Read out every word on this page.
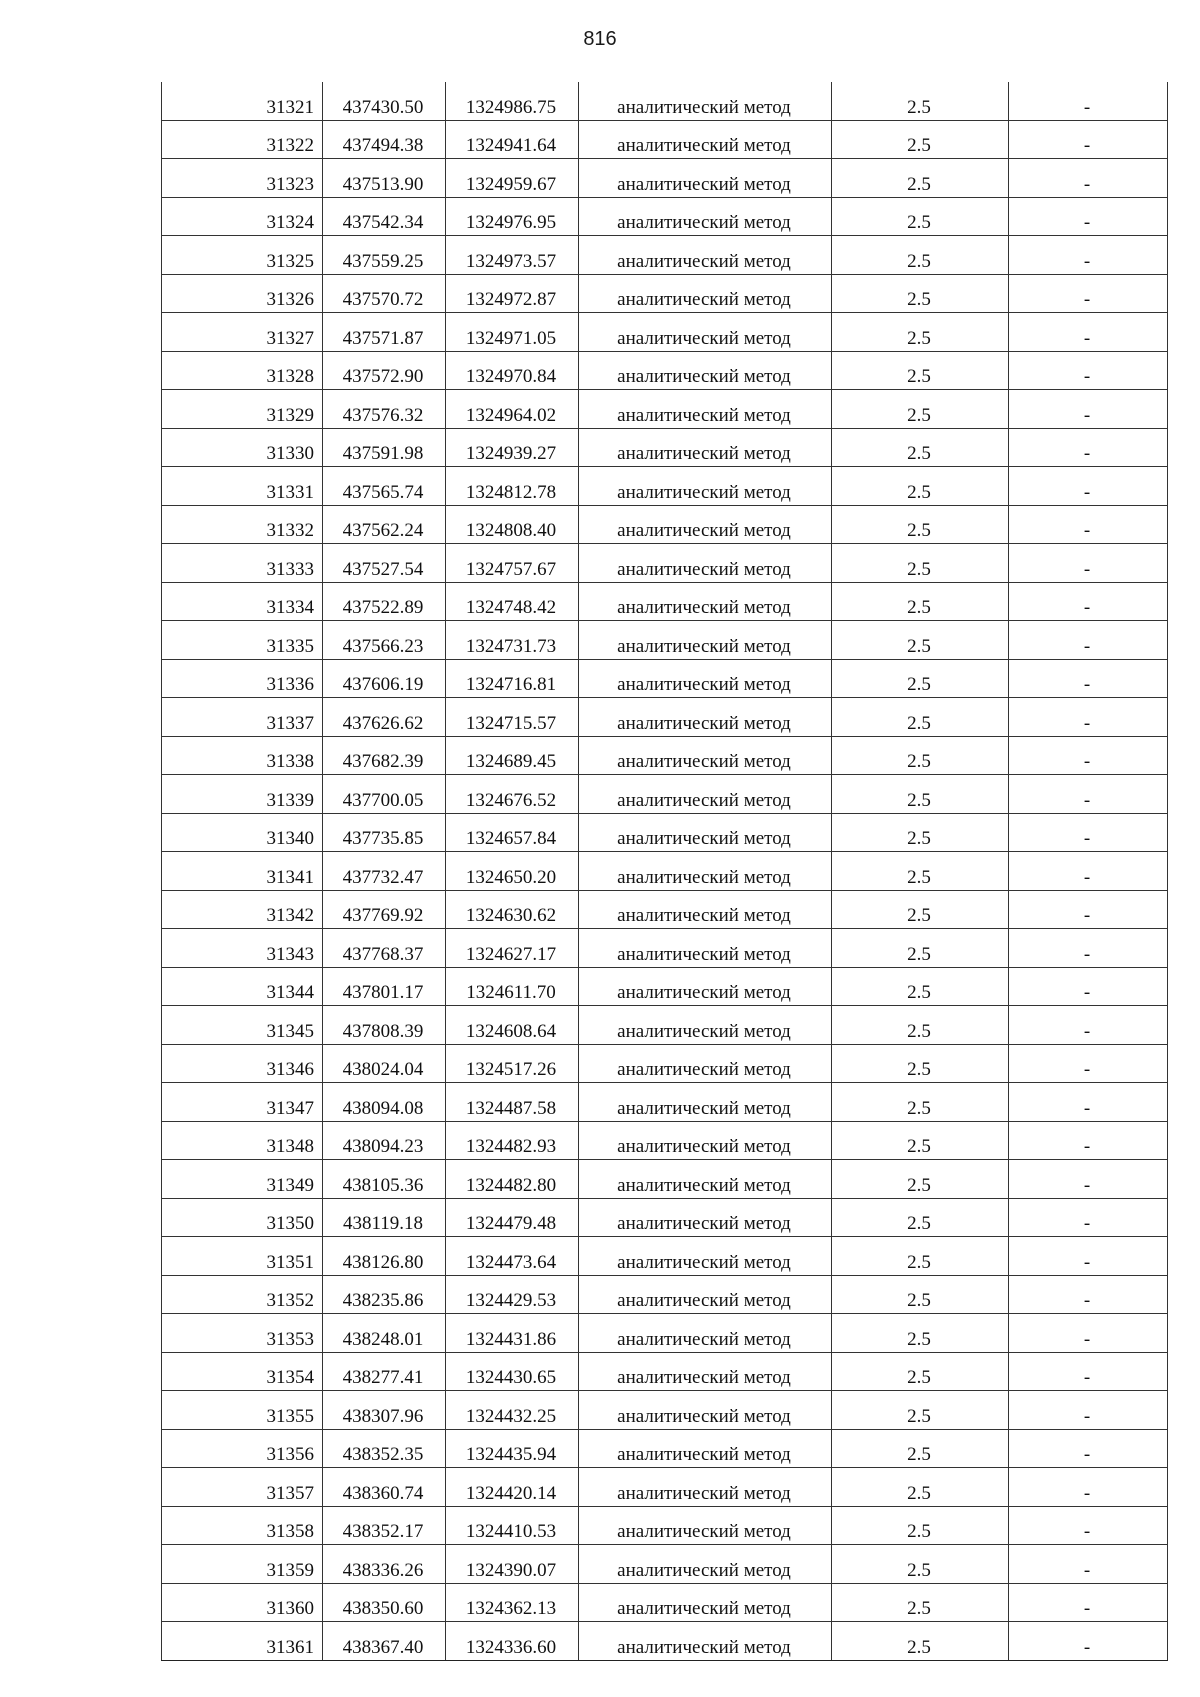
816
31321	437430.50	1324986.75	аналитический метод	2.5	-
31322	437494.38	1324941.64	аналитический метод	2.5	-
31323	437513.90	1324959.67	аналитический метод	2.5	-
31324	437542.34	1324976.95	аналитический метод	2.5	-
31325	437559.25	1324973.57	аналитический метод	2.5	-
31326	437570.72	1324972.87	аналитический метод	2.5	-
31327	437571.87	1324971.05	аналитический метод	2.5	-
31328	437572.90	1324970.84	аналитический метод	2.5	-
31329	437576.32	1324964.02	аналитический метод	2.5	-
31330	437591.98	1324939.27	аналитический метод	2.5	-
31331	437565.74	1324812.78	аналитический метод	2.5	-
31332	437562.24	1324808.40	аналитический метод	2.5	-
31333	437527.54	1324757.67	аналитический метод	2.5	-
31334	437522.89	1324748.42	аналитический метод	2.5	-
31335	437566.23	1324731.73	аналитический метод	2.5	-
31336	437606.19	1324716.81	аналитический метод	2.5	-
31337	437626.62	1324715.57	аналитический метод	2.5	-
31338	437682.39	1324689.45	аналитический метод	2.5	-
31339	437700.05	1324676.52	аналитический метод	2.5	-
31340	437735.85	1324657.84	аналитический метод	2.5	-
31341	437732.47	1324650.20	аналитический метод	2.5	-
31342	437769.92	1324630.62	аналитический метод	2.5	-
31343	437768.37	1324627.17	аналитический метод	2.5	-
31344	437801.17	1324611.70	аналитический метод	2.5	-
31345	437808.39	1324608.64	аналитический метод	2.5	-
31346	438024.04	1324517.26	аналитический метод	2.5	-
31347	438094.08	1324487.58	аналитический метод	2.5	-
31348	438094.23	1324482.93	аналитический метод	2.5	-
31349	438105.36	1324482.80	аналитический метод	2.5	-
31350	438119.18	1324479.48	аналитический метод	2.5	-
31351	438126.80	1324473.64	аналитический метод	2.5	-
31352	438235.86	1324429.53	аналитический метод	2.5	-
31353	438248.01	1324431.86	аналитический метод	2.5	-
31354	438277.41	1324430.65	аналитический метод	2.5	-
31355	438307.96	1324432.25	аналитический метод	2.5	-
31356	438352.35	1324435.94	аналитический метод	2.5	-
31357	438360.74	1324420.14	аналитический метод	2.5	-
31358	438352.17	1324410.53	аналитический метод	2.5	-
31359	438336.26	1324390.07	аналитический метод	2.5	-
31360	438350.60	1324362.13	аналитический метод	2.5	-
31361	438367.40	1324336.60	аналитический метод	2.5	-
